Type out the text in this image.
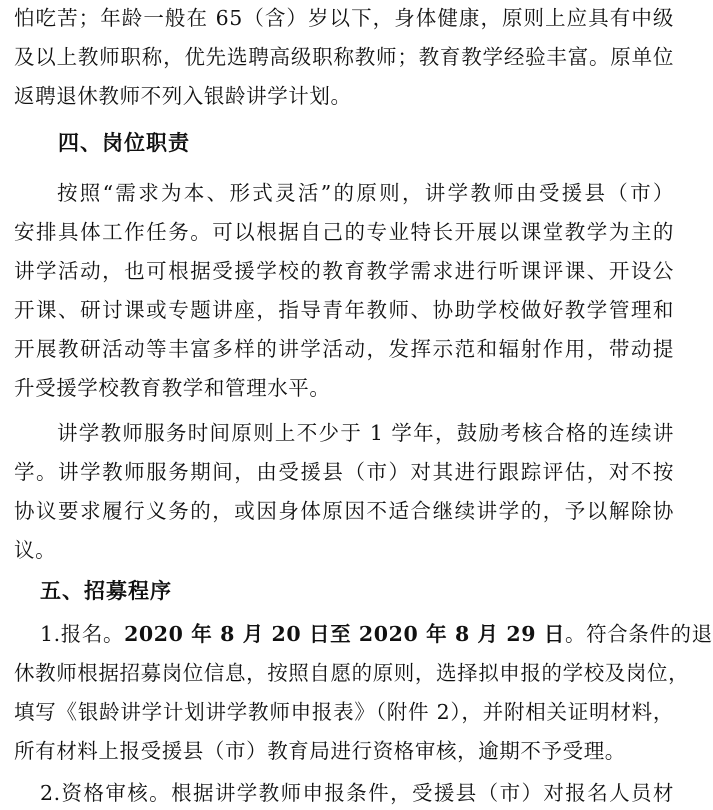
怕吃苦；年龄一般在 65（含）岁以下，身体健康，原则上应具有中级
及以上教师职称，优先选聘高级职称教师；教育教学经验丰富。原单位
返聘退休教师不列入银龄讲学计划。
四、岗位职责
按照“需求为本、形式灵活”的原则，讲学教师由受援县（市）
安排具体工作任务。可以根据自己的专业特长开展以课堂教学为主的
讲学活动，也可根据受援学校的教育教学需求进行听课评课、开设公
开课、研讨课或专题讲座，指导青年教师、协助学校做好教学管理和
开展教研活动等丰富多样的讲学活动，发挥示范和辐射作用，带动提
升受援学校教育教学和管理水平。
讲学教师服务时间原则上不少于 1 学年，鼓励考核合格的连续讲
学。讲学教师服务期间，由受援县（市）对其进行跟踪评估，对不按
协议要求履行义务的，或因身体原因不适合继续讲学的，予以解除协
议。
五、招募程序
1.报名。2020 年 8 月 20 日至 2020 年 8 月 29 日。符合条件的退
休教师根据招募岗位信息，按照自愿的原则，选择拟申报的学校及岗位，
填写《银龄讲学计划讲学教师申报表》（附件 2），并附相关证明材料，
所有材料上报受援县（市）教育局进行资格审核，逾期不予受理。
2.资格审核。根据讲学教师申报条件，受援县（市）对报名人员材
